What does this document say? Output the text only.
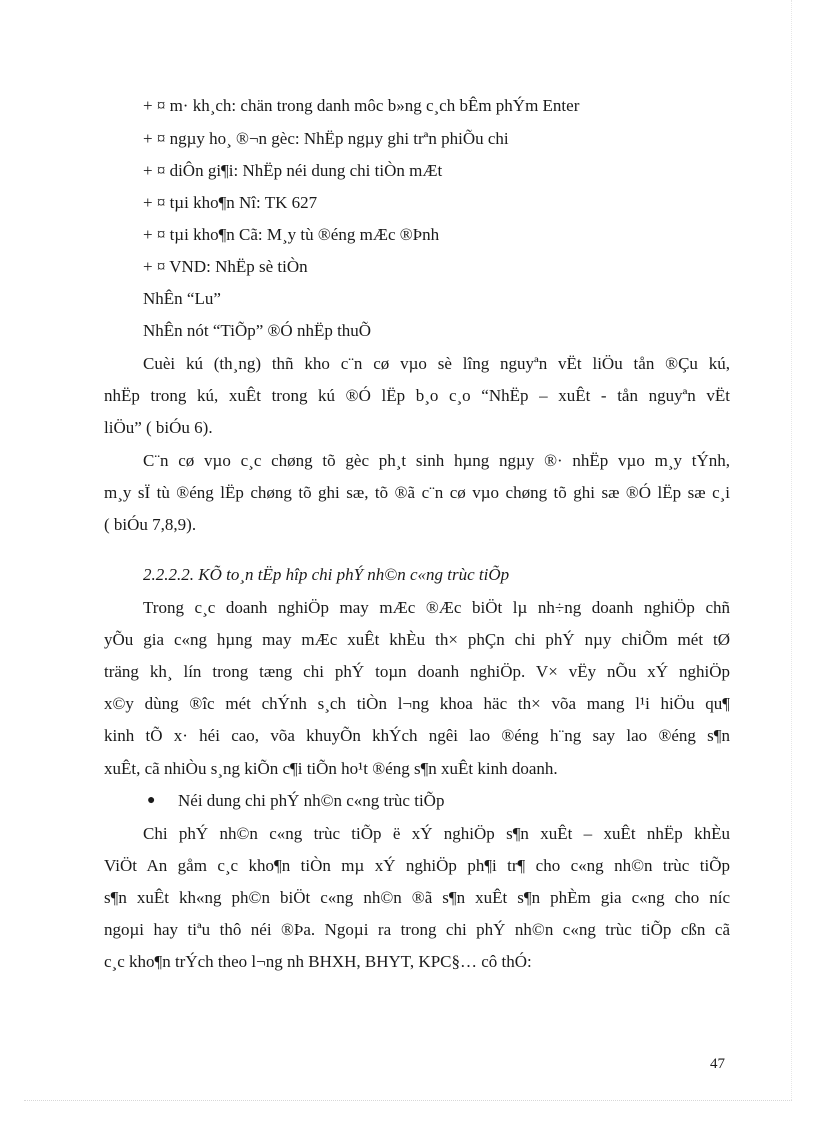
+ ¤ m· kh¸ch: chän trong danh môc b»ng c¸ch bÊm phÝm Enter

+ ¤ ngµy ho¸ ®¬n gèc: NhËp ngµy ghi trªn phiÕu chi

+ ¤ diÔn gi¶i: NhËp néi dung chi tiÒn mÆt

+ ¤ tµi kho¶n Nî: TK 627

+ ¤ tµi kho¶n Cã: M¸y tù ®éng mÆc ®Þnh

+ ¤ VND: NhËp sè tiÒn

NhÊn “Lu”

NhÊn nót “TiÕp” ®Ó nhËp thuÕ

Cuèi kú (th¸ng) thñ kho c¨n cø vµo sè lîng nguyªn vËt liÖu tån ®Çu kú,

nhËp trong kú, xuÊt trong kú ®Ó lËp b¸o c¸o “NhËp – xuÊt - tån nguyªn vËt

liÖu” ( biÓu 6).

C¨n cø vµo c¸c chøng tõ gèc ph¸t sinh hµng ngµy ®· nhËp vµo m¸y tÝnh,

m¸y sÏ tù ®éng lËp chøng tõ ghi sæ, tõ ®ã c¨n cø vµo chøng tõ ghi sæ ®Ó lËp sæ c¸i

( biÓu 7,8,9).

2.2.2.2. KÕ to¸n tËp hîp chi phÝ nh©n c«ng trùc tiÕp

Trong c¸c doanh nghiÖp may mÆc ®Æc biÖt lµ nh÷ng doanh nghiÖp chñ

yÕu gia c«ng hµng may mÆc xuÊt khÈu th× phÇn chi phÝ nµy chiÕm mét tØ

träng kh¸ lín trong tæng chi phÝ toµn doanh nghiÖp. V× vËy nÕu xÝ nghiÖp

x©y dùng ®îc mét chÝnh s¸ch tiÒn l¬ng khoa häc th× võa mang l¹i hiÖu qu¶

kinh tÕ x· héi cao, võa khuyÕn khÝch ngêi lao ®éng h¨ng say lao ®éng s¶n

xuÊt, cã nhiÒu s¸ng kiÕn c¶i tiÕn ho¹t ®éng s¶n xuÊt kinh doanh.

● Néi dung chi phÝ nh©n c«ng trùc tiÕp

Chi phÝ nh©n c«ng trùc tiÕp ë xÝ nghiÖp s¶n xuÊt – xuÊt nhËp khÈu

ViÖt An gåm c¸c kho¶n tiÒn mµ xÝ nghiÖp ph¶i tr¶ cho c«ng nh©n trùc tiÕp

s¶n xuÊt kh«ng ph©n biÖt c«ng nh©n ®ã s¶n xuÊt s¶n phÈm gia c«ng cho níc

ngoµi hay tiªu thô néi ®Þa. Ngoµi ra trong chi phÝ nh©n c«ng trùc tiÕp cßn cã

c¸c kho¶n trÝch theo l¬ng nh BHXH, BHYT, KPC§… cô thÓ:

47
